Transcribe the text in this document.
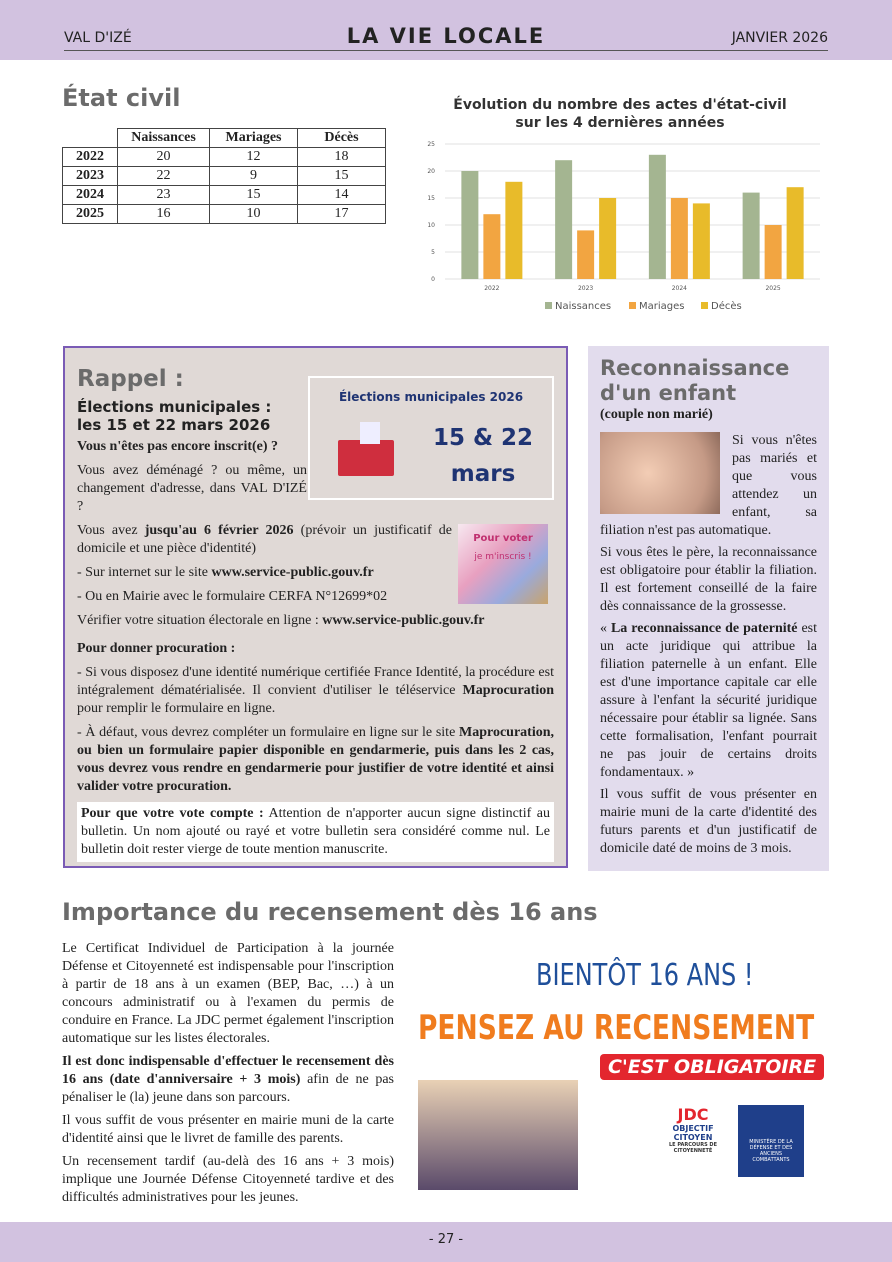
VAL D'IZÉ	LA VIE LOCALE	JANVIER 2026
État civil
	Naissances	Mariages	Décès
2022	20	12	18
2023	22	9	15
2024	23	15	14
2025	16	10	17
Évolution du nombre des actes d'état-civil
sur les 4 dernières années
0
5
10
15
20
25
2022	2023	2024	2025
Naissances	Mariages	Décès
Rappel :
Élections municipales :
les 15 et 22 mars 2026
Élections municipales 2026
15 & 22
mars
Pour voter
je m'inscris !

Vous n'êtes pas encore inscrit(e) ?

Vous avez déménagé ? ou même, un changement d'adresse, dans VAL D'IZÉ ?

Vous avez jusqu'au 6 février 2026 (prévoir un justificatif de domicile et une pièce d'identité)

- Sur internet sur le site www.service-public.gouv.fr

- Ou en Mairie avec le formulaire CERFA N°12699*02

Vérifier votre situation électorale en ligne : www.service-public.gouv.fr

Pour donner procuration :

- Si vous disposez d'une identité numérique certifiée France Identité, la procédure est intégralement dématérialisée. Il convient d'utiliser le téléservice Maprocuration pour remplir le formulaire en ligne.

- À défaut, vous devrez compléter un formulaire en ligne sur le site Maprocuration, ou bien un formulaire papier disponible en gendarmerie, puis dans les 2 cas, vous devrez vous rendre en gendarmerie pour justifier de votre identité et ainsi valider votre procuration.

Pour que votre vote compte : Attention de n'apporter aucun signe distinctif au bulletin. Un nom ajouté ou rayé et votre bulletin sera considéré comme nul. Le bulletin doit rester vierge de toute mention manuscrite.

Reconnaissance d'un enfant
(couple non marié)

Si vous n'êtes pas mariés et que vous attendez un enfant, sa filiation n'est pas automatique.

Si vous êtes le père, la reconnaissance est obligatoire pour établir la filiation. Il est fortement conseillé de la faire dès connaissance de la grossesse.

« La reconnaissance de paternité est un acte juridique qui attribue la filiation paternelle à un enfant. Elle est d'une importance capitale car elle assure à l'enfant la sécurité juridique nécessaire pour établir sa lignée. Sans cette formalisation, l'enfant pourrait ne pas jouir de certains droits fondamentaux. »

Il vous suffit de vous présenter en mairie muni de la carte d'identité des futurs parents et d'un justificatif de domicile daté de moins de 3 mois.

Importance du recensement dès 16 ans

Le Certificat Individuel de Participation à la journée Défense et Citoyenneté est indispensable pour l'inscription à partir de 18 ans à un examen (BEP, Bac, …) à un concours administratif ou à l'examen du permis de conduire en France. La JDC permet également l'inscription automatique sur les listes électorales.

Il est donc indispensable d'effectuer le recensement dès 16 ans (date d'anniversaire + 3 mois) afin de ne pas pénaliser le (la) jeune dans son parcours.

Il vous suffit de vous présenter en mairie muni de la carte d'identité ainsi que le livret de famille des parents.

Un recensement tardif (au-delà des 16 ans + 3 mois) implique une Journée Défense Citoyenneté tardive et des difficultés administratives pour les jeunes.

BIENTÔT 16 ANS !
PENSEZ AU RECENSEMENT
C'EST OBLIGATOIRE
JDC
OBJECTIF CITOYEN
LE PARCOURS DE CITOYENNETÉ
MINISTÈRE DE LA DÉFENSE ET DES ANCIENS COMBATTANTS
- 27 -
